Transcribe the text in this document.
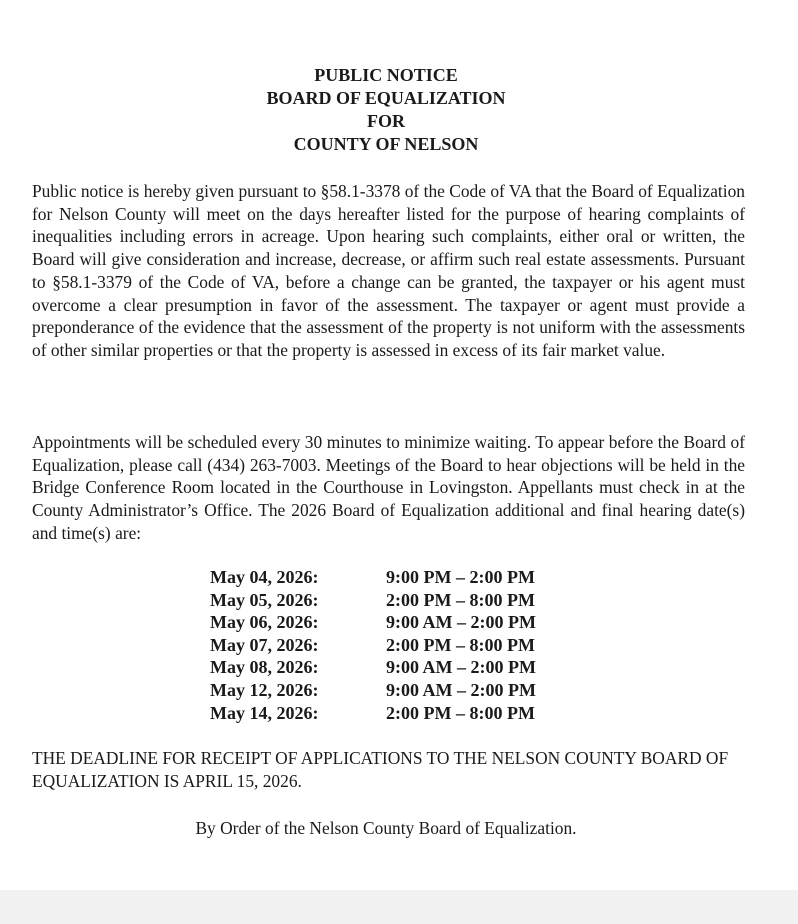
PUBLIC NOTICE
BOARD OF EQUALIZATION
FOR
COUNTY OF NELSON

Public notice is hereby given pursuant to §58.1-3378 of the Code of VA that the Board of Equalization for Nelson County will meet on the days hereafter listed for the purpose of hearing complaints of inequalities including errors in acreage. Upon hearing such complaints, either oral or written, the Board will give consideration and increase, decrease, or affirm such real estate assessments. Pursuant to §58.1-3379 of the Code of VA, before a change can be granted, the taxpayer or his agent must overcome a clear presumption in favor of the assessment. The taxpayer or agent must provide a preponderance of the evidence that the assessment of the property is not uniform with the assessments of other similar properties or that the property is assessed in excess of its fair market value.

Appointments will be scheduled every 30 minutes to minimize waiting. To appear before the Board of Equalization, please call (434) 263-7003. Meetings of the Board to hear objections will be held in the Bridge Conference Room located in the Courthouse in Lovingston. Appellants must check in at the County Administrator’s Office. The 2026 Board of Equalization additional and final hearing date(s) and time(s) are:

May 04, 2026:	9:00 PM – 2:00 PM
May 05, 2026:	2:00 PM – 8:00 PM
May 06, 2026:	9:00 AM – 2:00 PM
May 07, 2026:	2:00 PM – 8:00 PM
May 08, 2026:	9:00 AM – 2:00 PM
May 12, 2026:	9:00 AM – 2:00 PM
May 14, 2026:	2:00 PM – 8:00 PM

THE DEADLINE FOR RECEIPT OF APPLICATIONS TO THE NELSON COUNTY BOARD OF EQUALIZATION IS APRIL 15, 2026.

By Order of the Nelson County Board of Equalization.
